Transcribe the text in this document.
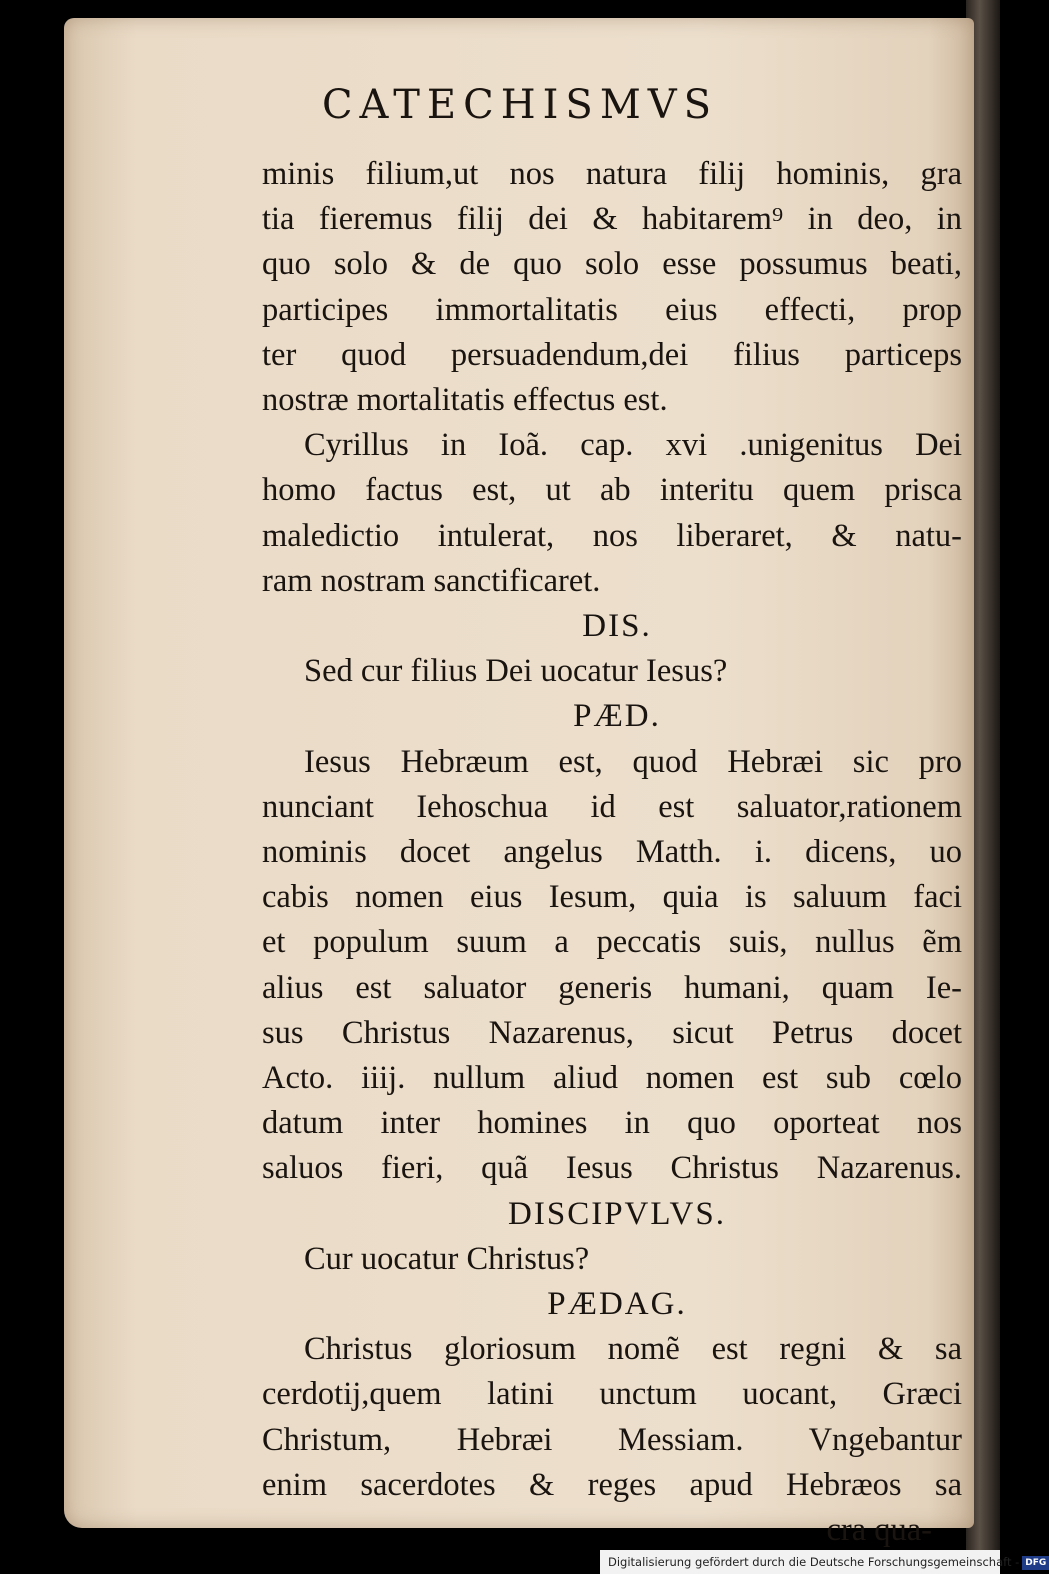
CATECHISMVS
minis filium,ut nos natura filij hominis, gra
tia fieremus filij dei & habitarem⁹ in deo, in
quo solo & de quo solo esse possumus beati,
participes immortalitatis eius effecti, prop
ter quod persuadendum,dei filius particeps
nostræ mortalitatis effectus est.
Cyrillus in Ioã. cap. xvi .unigenitus Dei
homo factus est, ut ab interitu quem prisca
maledictio intulerat, nos liberaret, & natu-
ram nostram sanctificaret.
DIS.
Sed cur filius Dei uocatur Iesus?
PÆD.
Iesus Hebræum est, quod Hebræi sic pro
nunciant Iehoschua id est saluator,rationem
nominis docet angelus Matth. i. dicens, uo
cabis nomen eius Iesum, quia is saluum faci
et populum suum a peccatis suis, nullus ẽm
alius est saluator generis humani, quam Ie-
sus Christus Nazarenus, sicut Petrus docet
Acto. iiij. nullum aliud nomen est sub cœlo
datum inter homines in quo oporteat nos
saluos fieri, quã Iesus Christus Nazarenus.
DISCIPVLVS.
Cur uocatur Christus?
PÆDAG.
Christus gloriosum nomẽ est regni & sa
cerdotij,quem latini unctum uocant, Græci
Christum, Hebræi Messiam. Vngebantur
enim sacerdotes & reges apud Hebræos sa
cra qua-
Digitalisierung gefördert durch die Deutsche Forschungsgemeinschaft - DFG
